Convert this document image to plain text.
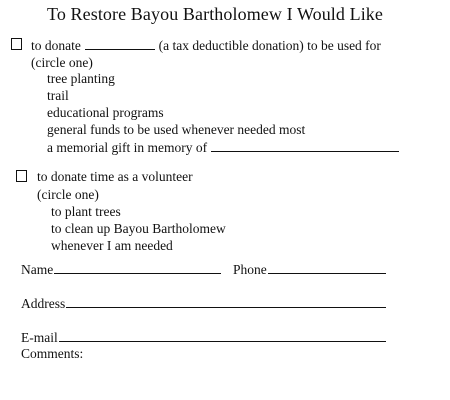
To Restore Bayou Bartholomew I Would Like
to donate	(a tax deductible donation) to be used for
(circle one)
tree planting
trail
educational programs
general funds to be used whenever needed most
a memorial gift in memory of
to donate time as a volunteer
(circle one)
to plant trees
to clean up Bayou Bartholomew
whenever I am needed
Name	Phone
Address
E-mail
Comments:
